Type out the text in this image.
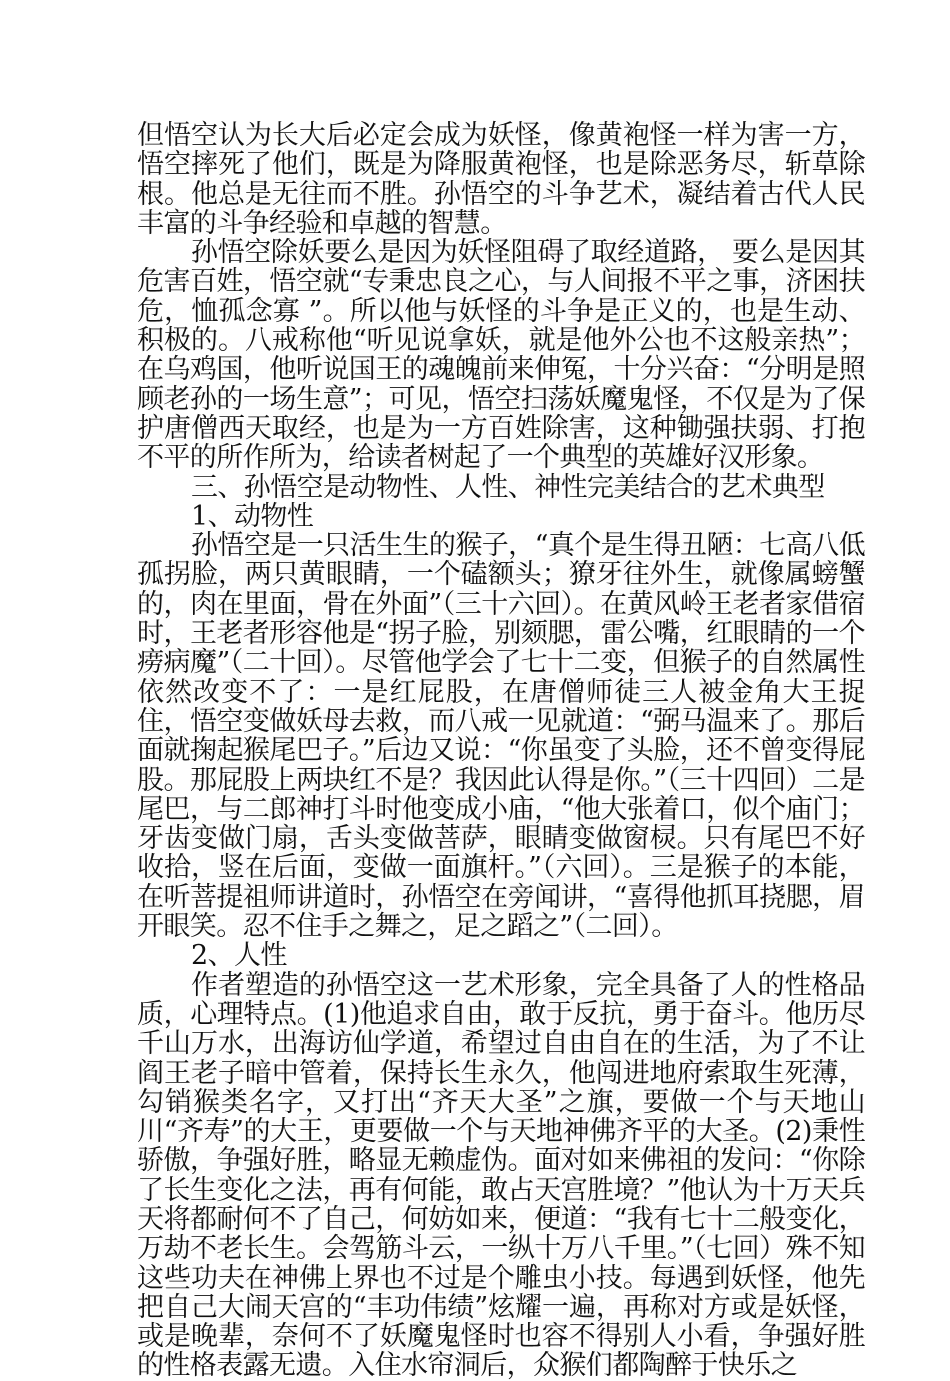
但悟空认为长大后必定会成为妖怪，像黄袍怪一样为害一方，悟空摔死了他们，既是为降服黄袍怪，也是除恶务尽，斩草除根。他总是无往而不胜。孙悟空的斗争艺术，凝结着古代人民丰富的斗争经验和卓越的智慧。

孙悟空除妖要么是因为妖怪阻碍了取经道路， 要么是因其危害百姓，悟空就“专秉忠良之心，与人间报不平之事，济困扶危，恤孤念寡 ”。所以他与妖怪的斗争是正义的，也是生动、积极的。八戒称他“听见说拿妖，就是他外公也不这般亲热”；在乌鸡国，他听说国王的魂魄前来伸冤，十分兴奋：“分明是照顾老孙的一场生意”；可见，悟空扫荡妖魔鬼怪，不仅是为了保护唐僧西天取经，也是为一方百姓除害，这种锄强扶弱、打抱不平的所作所为，给读者树起了一个典型的英雄好汉形象。

三、孙悟空是动物性、人性、神性完美结合的艺术典型

1、动物性

孙悟空是一只活生生的猴子，“真个是生得丑陋：七高八低孤拐脸，两只黄眼睛，一个磕额头；獠牙往外生，就像属螃蟹的，肉在里面，骨在外面”（三十六回）。在黄风岭王老者家借宿时，王老者形容他是“拐子脸，别颏腮，雷公嘴，红眼睛的一个痨病魔”（二十回）。尽管他学会了七十二变，但猴子的自然属性依然改变不了：一是红屁股，在唐僧师徒三人被金角大王捉住，悟空变做妖母去救，而八戒一见就道：“弼马温来了。那后面就掬起猴尾巴子。”后边又说：“你虽变了头脸，还不曾变得屁股。那屁股上两块红不是？我因此认得是你。”（三十四回）二是尾巴，与二郎神打斗时他变成小庙，“他大张着口，似个庙门；牙齿变做门扇，舌头变做菩萨，眼睛变做窗棂。只有尾巴不好收拾，竖在后面，变做一面旗杆。”（六回）。三是猴子的本能，在听菩提祖师讲道时，孙悟空在旁闻讲，“喜得他抓耳挠腮，眉开眼笑。忍不住手之舞之，足之蹈之”（二回）。

2、人性

作者塑造的孙悟空这一艺术形象，完全具备了人的性格品质，心理特点。(1)他追求自由，敢于反抗，勇于奋斗。他历尽千山万水，出海访仙学道，希望过自由自在的生活，为了不让阎王老子暗中管着，保持长生永久，他闯进地府索取生死薄，勾销猴类名字，又打出“齐天大圣”之旗，要做一个与天地山川“齐寿”的大王，更要做一个与天地神佛齐平的大圣。(2)秉性骄傲，争强好胜，略显无赖虚伪。面对如来佛祖的发问：“你除了长生变化之法，再有何能，敢占天宫胜境？”他认为十万天兵天将都耐何不了自己，何妨如来，便道：“我有七十二般变化，万劫不老长生。会驾筋斗云，一纵十万八千里。”（七回）殊不知这些功夫在神佛上界也不过是个雕虫小技。每遇到妖怪，他先把自己大闹天宫的“丰功伟绩”炫耀一遍，再称对方或是妖怪，或是晚辈，奈何不了妖魔鬼怪时也容不得别人小看，争强好胜的性格表露无遗。入住水帘洞后，众猴们都陶醉于快乐之
